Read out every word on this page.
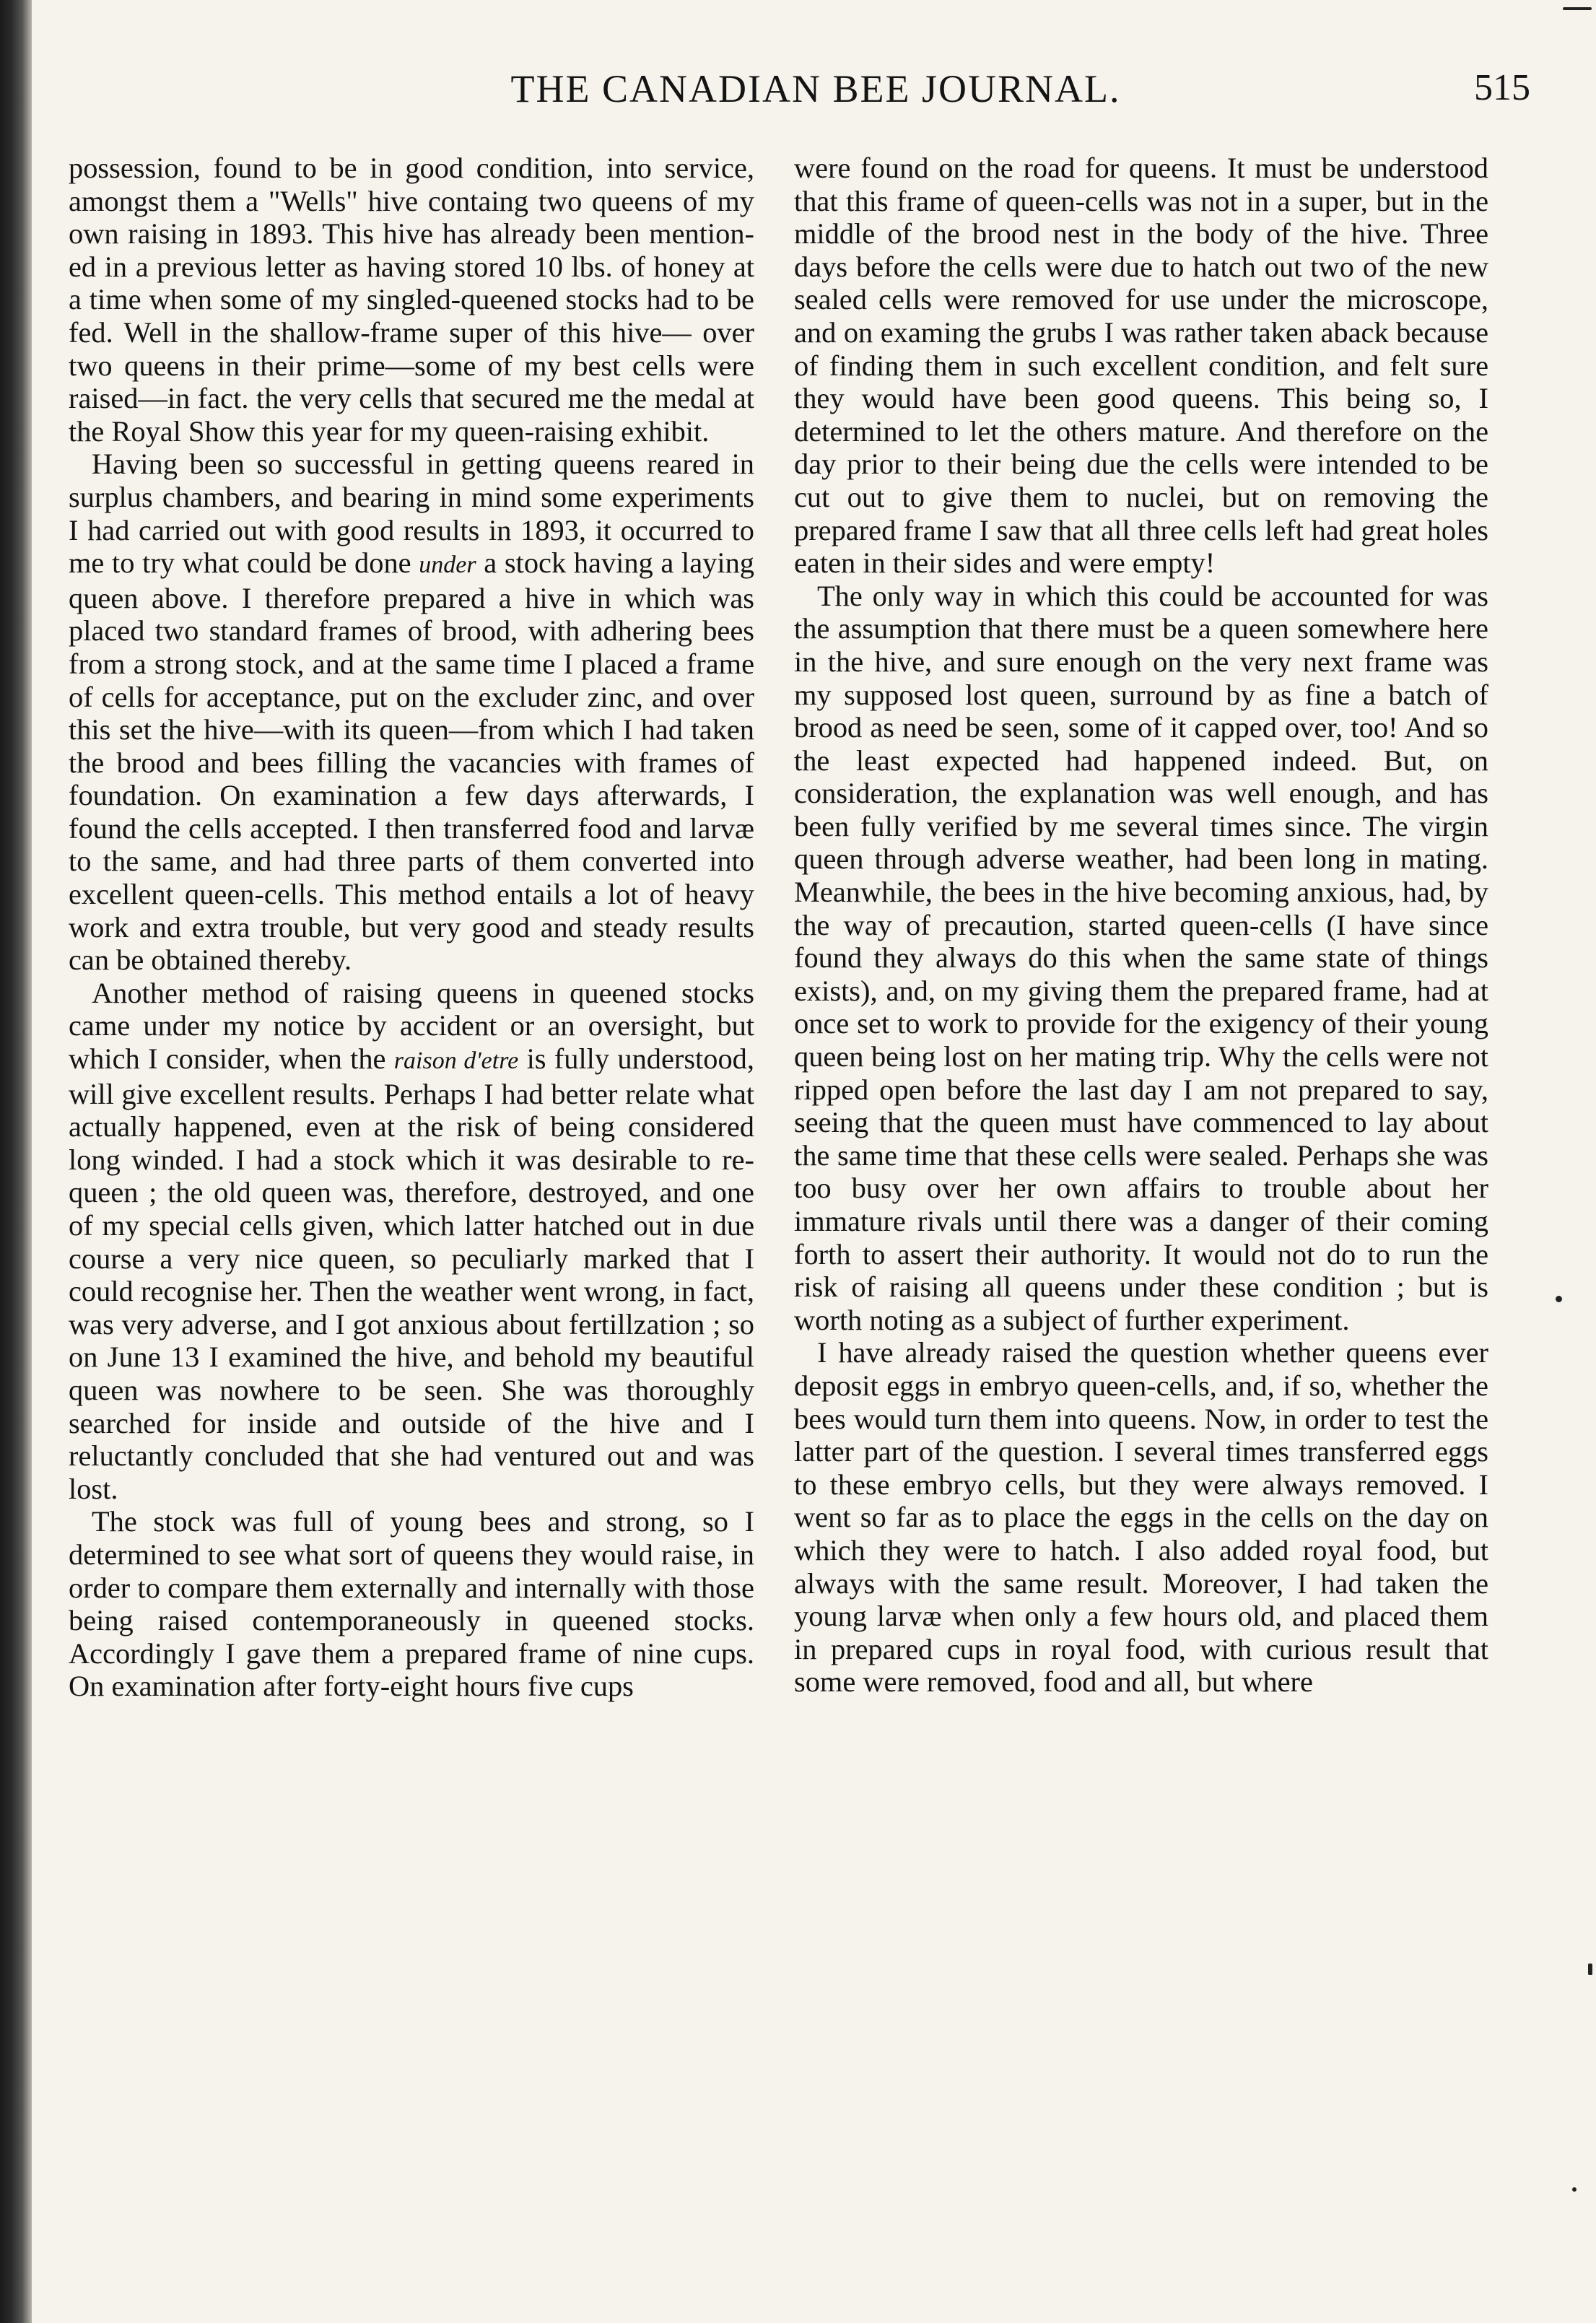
THE CANADIAN BEE JOURNAL.	515

possession, found to be in good condition, into service, amongst them a "Wells" hive containg two queens of my own raising in 1893. This hive has already been mention- ed in a previous letter as having stored 10 lbs. of honey at a time when some of my singled-queened stocks had to be fed. Well in the shallow-frame super of this hive— over two queens in their prime—some of my best cells were raised—in fact. the very cells that secured me the medal at the Royal Show this year for my queen-raising exhibit.

Having been so successful in getting queens reared in surplus chambers, and bearing in mind some experiments I had carried out with good results in 1893, it occurred to me to try what could be done under a stock having a laying queen above. I therefore prepared a hive in which was placed two standard frames of brood, with adhering bees from a strong stock, and at the same time I placed a frame of cells for acceptance, put on the excluder zinc, and over this set the hive—with its queen—from which I had taken the brood and bees filling the vacancies with frames of foundation. On examination a few days afterwards, I found the cells accepted. I then transferred food and larvæ to the same, and had three parts of them converted into excellent queen-cells. This method entails a lot of heavy work and extra trouble, but very good and steady results can be obtained thereby.

Another method of raising queens in queened stocks came under my notice by accident or an oversight, but which I consider, when the raison d'etre is fully understood, will give excellent results. Perhaps I had better relate what actually happened, even at the risk of being considered long winded. I had a stock which it was desirable to re-queen ; the old queen was, therefore, destroyed, and one of my special cells given, which latter hatched out in due course a very nice queen, so peculiarly marked that I could recognise her. Then the weather went wrong, in fact, was very adverse, and I got anxious about fertillzation ; so on June 13 I examined the hive, and behold my beautiful queen was nowhere to be seen. She was thoroughly searched for inside and outside of the hive and I reluctantly concluded that she had ventured out and was lost.

The stock was full of young bees and strong, so I determined to see what sort of queens they would raise, in order to compare them externally and internally with those being raised contemporaneously in queened stocks. Accordingly I gave them a prepared frame of nine cups. On examination after forty-eight hours five cups

were found on the road for queens. It must be understood that this frame of queen-cells was not in a super, but in the middle of the brood nest in the body of the hive. Three days before the cells were due to hatch out two of the new sealed cells were removed for use under the microscope, and on examing the grubs I was rather taken aback because of finding them in such excellent condition, and felt sure they would have been good queens. This being so, I determined to let the others mature. And therefore on the day prior to their being due the cells were intended to be cut out to give them to nuclei, but on removing the prepared frame I saw that all three cells left had great holes eaten in their sides and were empty!

The only way in which this could be accounted for was the assumption that there must be a queen somewhere here in the hive, and sure enough on the very next frame was my supposed lost queen, surround by as fine a batch of brood as need be seen, some of it capped over, too! And so the least expected had happened indeed. But, on consideration, the explanation was well enough, and has been fully verified by me several times since. The virgin queen through adverse weather, had been long in mating. Meanwhile, the bees in the hive becoming anxious, had, by the way of precaution, started queen-cells (I have since found they always do this when the same state of things exists), and, on my giving them the prepared frame, had at once set to work to provide for the exigency of their young queen being lost on her mating trip. Why the cells were not ripped open before the last day I am not prepared to say, seeing that the queen must have commenced to lay about the same time that these cells were sealed. Perhaps she was too busy over her own affairs to trouble about her immature rivals until there was a danger of their coming forth to assert their authority. It would not do to run the risk of raising all queens under these condition ; but is worth noting as a subject of further experiment.

I have already raised the question whether queens ever deposit eggs in embryo queen-cells, and, if so, whether the bees would turn them into queens. Now, in order to test the latter part of the question. I several times transferred eggs to these embryo cells, but they were always removed. I went so far as to place the eggs in the cells on the day on which they were to hatch. I also added royal food, but always with the same result. Moreover, I had taken the young larvæ when only a few hours old, and placed them in prepared cups in royal food, with curious result that some were removed, food and all, but where
